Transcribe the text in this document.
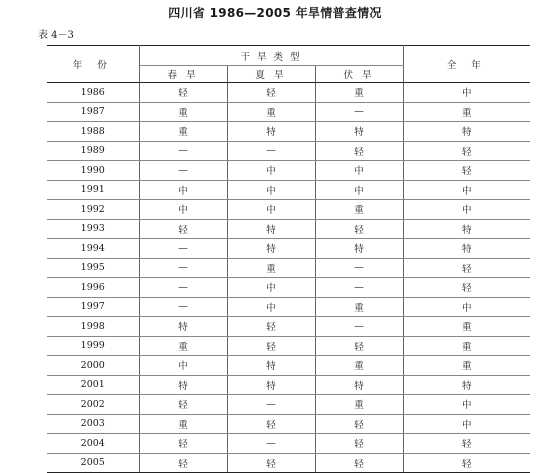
四川省 1986—2005 年旱情普查情况
表 4－3
年 份	干 旱 类 型			全 年
	春 旱	夏 旱	伏 旱	
1986	轻	轻	重	中
1987	重	重	—	重
1988	重	特	特	特
1989	—	—	轻	轻
1990	—	中	中	轻
1991	中	中	中	中
1992	中	中	重	中
1993	轻	特	轻	特
1994	—	特	特	特
1995	—	重	—	轻
1996	—	中	—	轻
1997	—	中	重	中
1998	特	轻	—	重
1999	重	轻	轻	重
2000	中	特	重	重
2001	特	特	特	特
2002	轻	—	重	中
2003	重	轻	轻	中
2004	轻	—	轻	轻
2005	轻	轻	轻	轻
